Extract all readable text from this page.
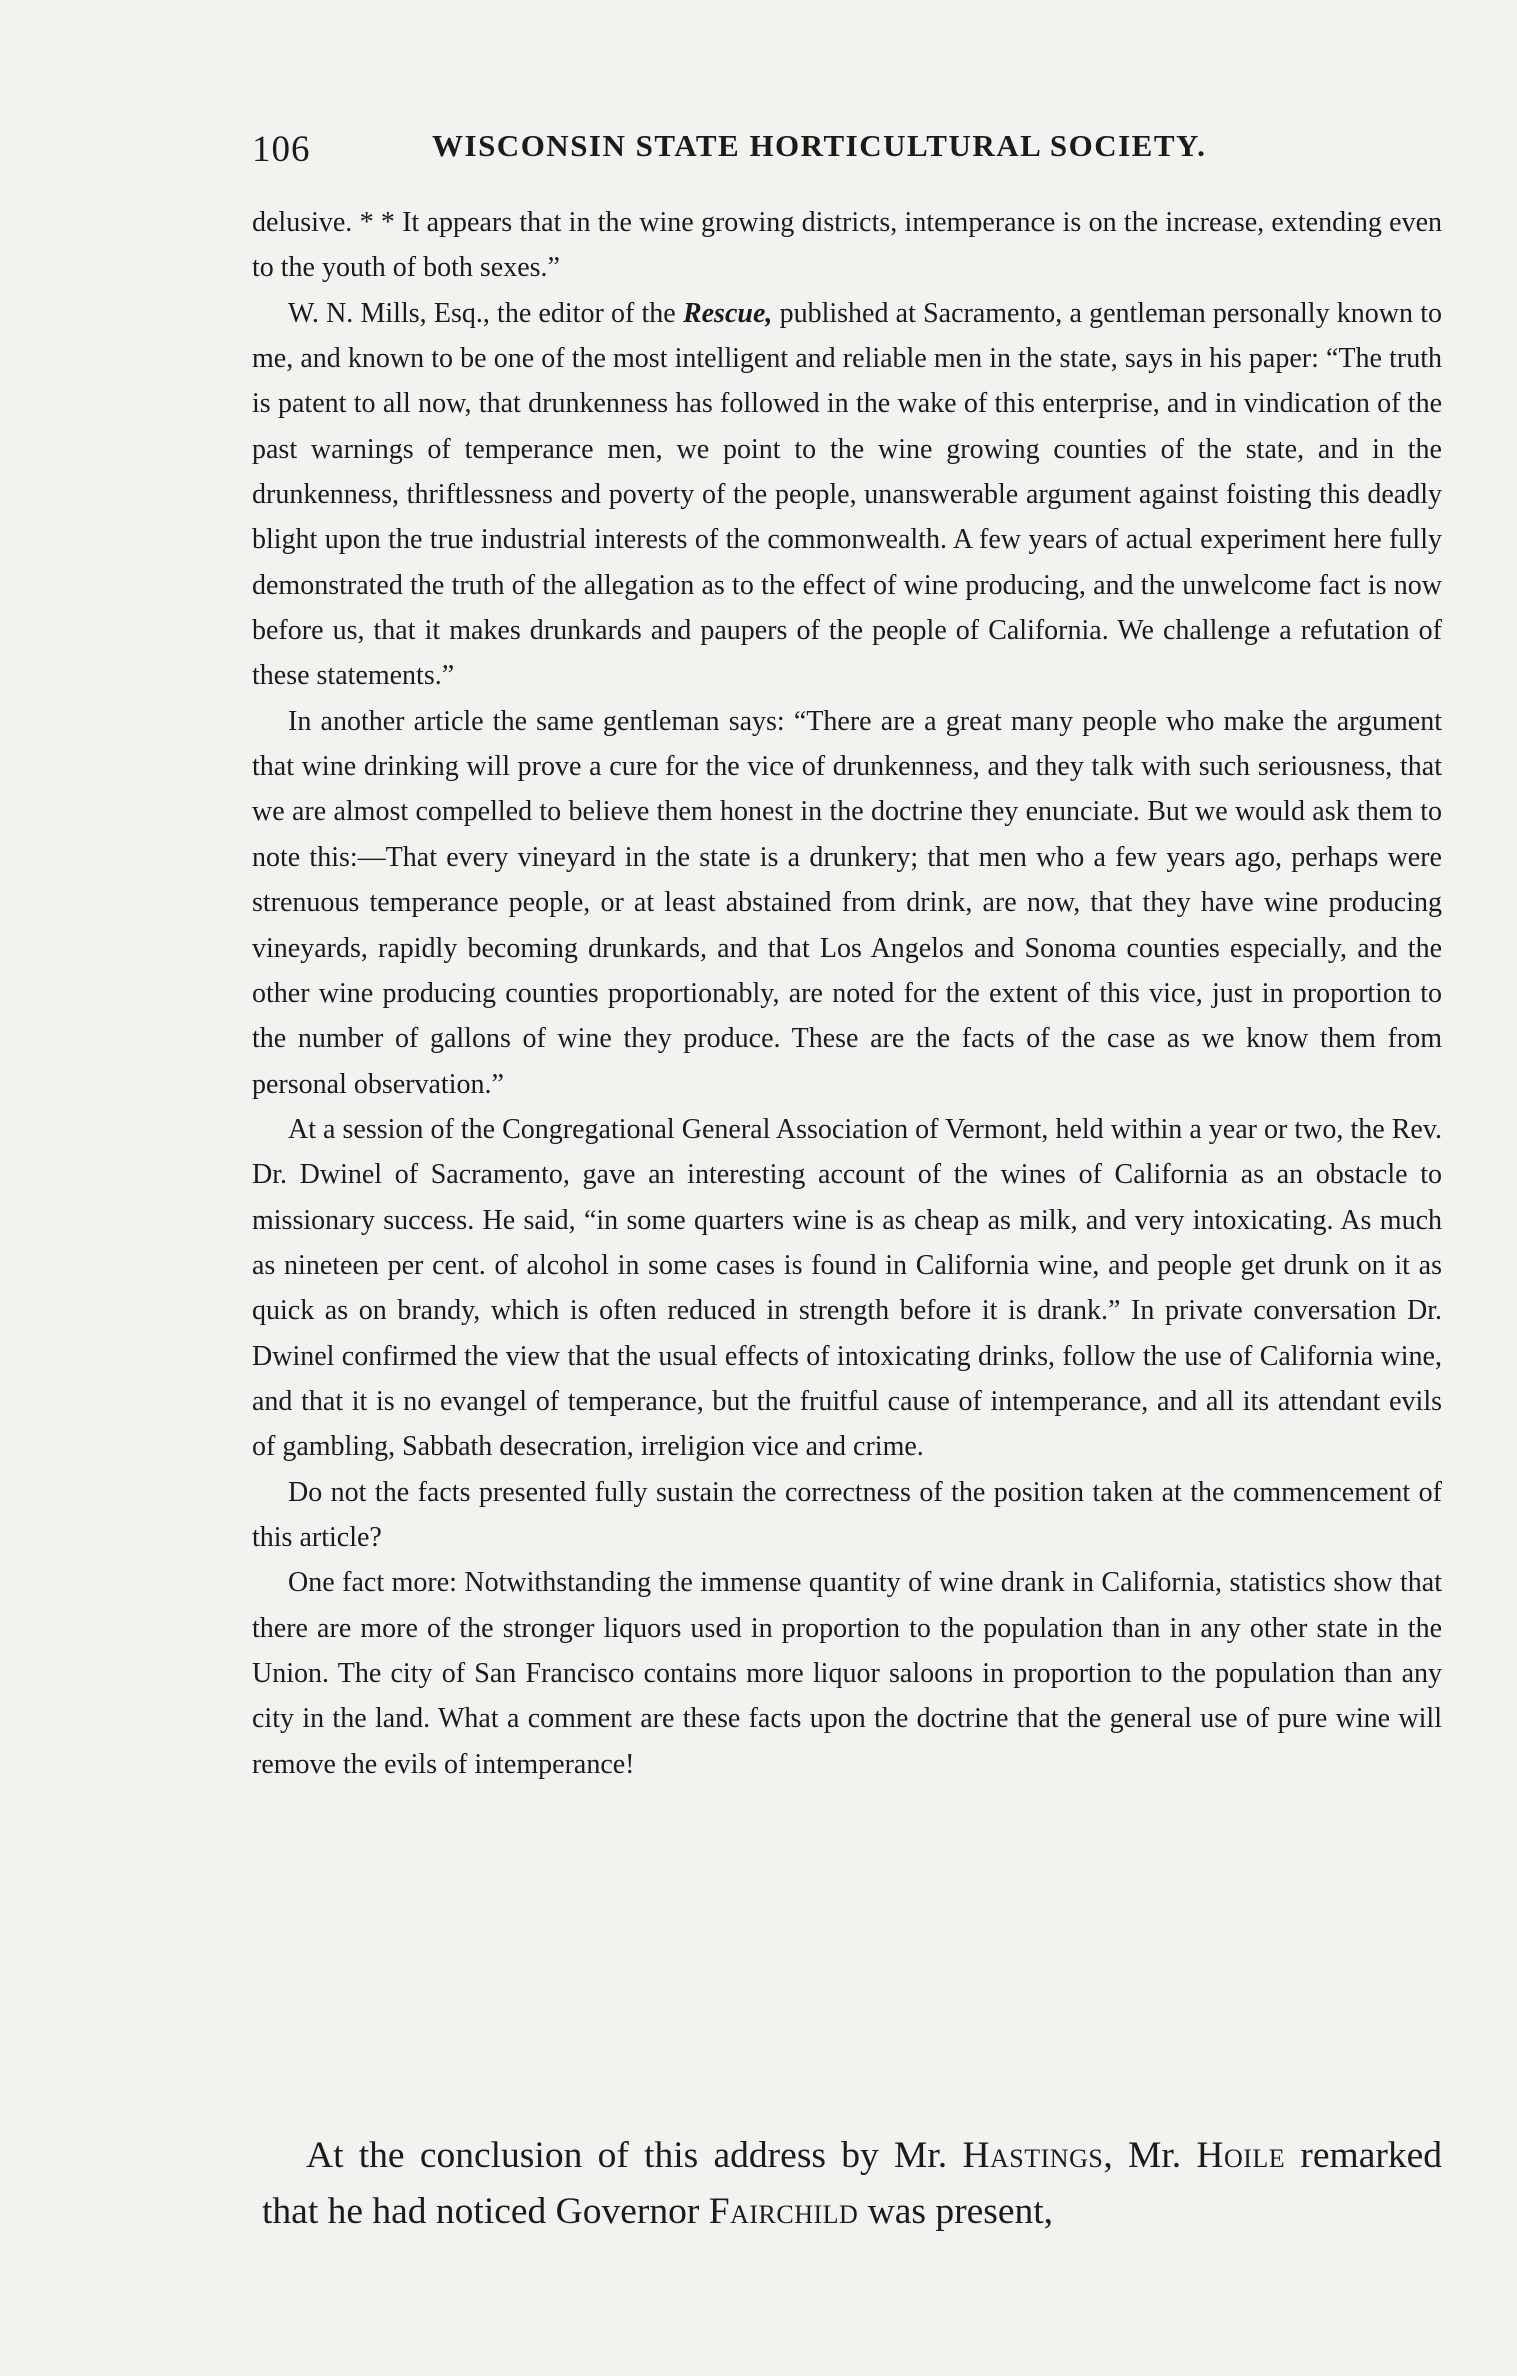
106	WISCONSIN STATE HORTICULTURAL SOCIETY.

delusive. * * It appears that in the wine growing districts, intemperance is on the increase, extending even to the youth of both sexes.”

W. N. Mills, Esq., the editor of the Rescue, published at Sacramento, a gentleman personally known to me, and known to be one of the most intelligent and reliable men in the state, says in his paper: “The truth is patent to all now, that drunkenness has followed in the wake of this enterprise, and in vindication of the past warnings of temperance men, we point to the wine growing counties of the state, and in the drunkenness, thriftlessness and poverty of the people, unanswerable argument against foisting this deadly blight upon the true industrial interests of the commonwealth. A few years of actual experiment here fully demonstrated the truth of the allegation as to the effect of wine producing, and the unwelcome fact is now before us, that it makes drunkards and paupers of the people of California. We challenge a refutation of these statements.”

In another article the same gentleman says: “There are a great many people who make the argument that wine drinking will prove a cure for the vice of drunkenness, and they talk with such seriousness, that we are almost compelled to believe them honest in the doctrine they enunciate. But we would ask them to note this:—That every vineyard in the state is a drunkery; that men who a few years ago, perhaps were strenuous temperance people, or at least abstained from drink, are now, that they have wine producing vineyards, rapidly becoming drunkards, and that Los Angelos and Sonoma counties especially, and the other wine producing counties proportionably, are noted for the extent of this vice, just in proportion to the number of gallons of wine they produce. These are the facts of the case as we know them from personal observation.”

At a session of the Congregational General Association of Vermont, held within a year or two, the Rev. Dr. Dwinel of Sacramento, gave an interesting account of the wines of California as an obstacle to missionary success. He said, “in some quarters wine is as cheap as milk, and very intoxicating. As much as nineteen per cent. of alcohol in some cases is found in California wine, and people get drunk on it as quick as on brandy, which is often reduced in strength before it is drank.” In private conversation Dr. Dwinel confirmed the view that the usual effects of intoxicating drinks, follow the use of California wine, and that it is no evangel of temperance, but the fruitful cause of intemperance, and all its attendant evils of gambling, Sabbath desecration, irreligion vice and crime.

Do not the facts presented fully sustain the correctness of the position taken at the commencement of this article?

One fact more: Notwithstanding the immense quantity of wine drank in California, statistics show that there are more of the stronger liquors used in proportion to the population than in any other state in the Union. The city of San Francisco contains more liquor saloons in proportion to the population than any city in the land. What a comment are these facts upon the doctrine that the general use of pure wine will remove the evils of intemperance!

At the conclusion of this address by Mr. Hastings, Mr. Hoile remarked that he had noticed Governor Fairchild was present,
